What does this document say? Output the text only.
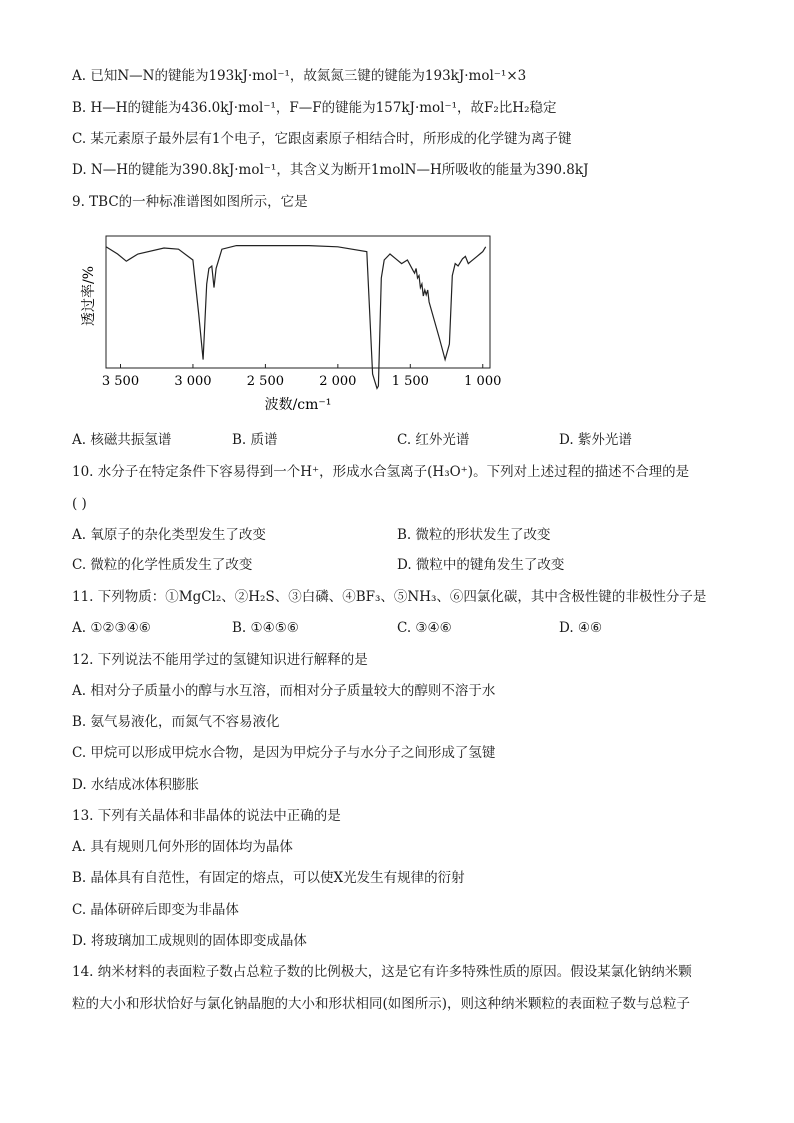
A. 已知N—N的键能为193kJ·mol⁻¹，故氮氮三键的键能为193kJ·mol⁻¹×3
B. H—H的键能为436.0kJ·mol⁻¹，F—F的键能为157kJ·mol⁻¹，故F₂比H₂稳定
C. 某元素原子最外层有1个电子，它跟卤素原子相结合时，所形成的化学键为离子键
D. N—H的键能为390.8kJ·mol⁻¹，其含义为断开1molN—H所吸收的能量为390.8kJ
9. TBC的一种标准谱图如图所示，它是
透过率/%
3 500	3 000	2 500	2 000	1 500	1 000
波数/cm⁻¹
A. 核磁共振氢谱	B. 质谱	C. 红外光谱	D. 紫外光谱
10. 水分子在特定条件下容易得到一个H⁺，形成水合氢离子(H₃O⁺)。下列对上述过程的描述不合理的是
( )
A. 氧原子的杂化类型发生了改变	B. 微粒的形状发生了改变
C. 微粒的化学性质发生了改变	D. 微粒中的键角发生了改变
11. 下列物质：①MgCl₂、②H₂S、③白磷、④BF₃、⑤NH₃、⑥四氯化碳，其中含极性键的非极性分子是
A. ①②③④⑥	B. ①④⑤⑥	C. ③④⑥	D. ④⑥
12. 下列说法不能用学过的氢键知识进行解释的是
A. 相对分子质量小的醇与水互溶，而相对分子质量较大的醇则不溶于水
B. 氨气易液化，而氮气不容易液化
C. 甲烷可以形成甲烷水合物，是因为甲烷分子与水分子之间形成了氢键
D. 水结成冰体积膨胀
13. 下列有关晶体和非晶体的说法中正确的是
A. 具有规则几何外形的固体均为晶体
B. 晶体具有自范性，有固定的熔点，可以使X光发生有规律的衍射
C. 晶体研碎后即变为非晶体
D. 将玻璃加工成规则的固体即变成晶体
14. 纳米材料的表面粒子数占总粒子数的比例极大，这是它有许多特殊性质的原因。假设某氯化钠纳米颗
粒的大小和形状恰好与氯化钠晶胞的大小和形状相同(如图所示)，则这种纳米颗粒的表面粒子数与总粒子
